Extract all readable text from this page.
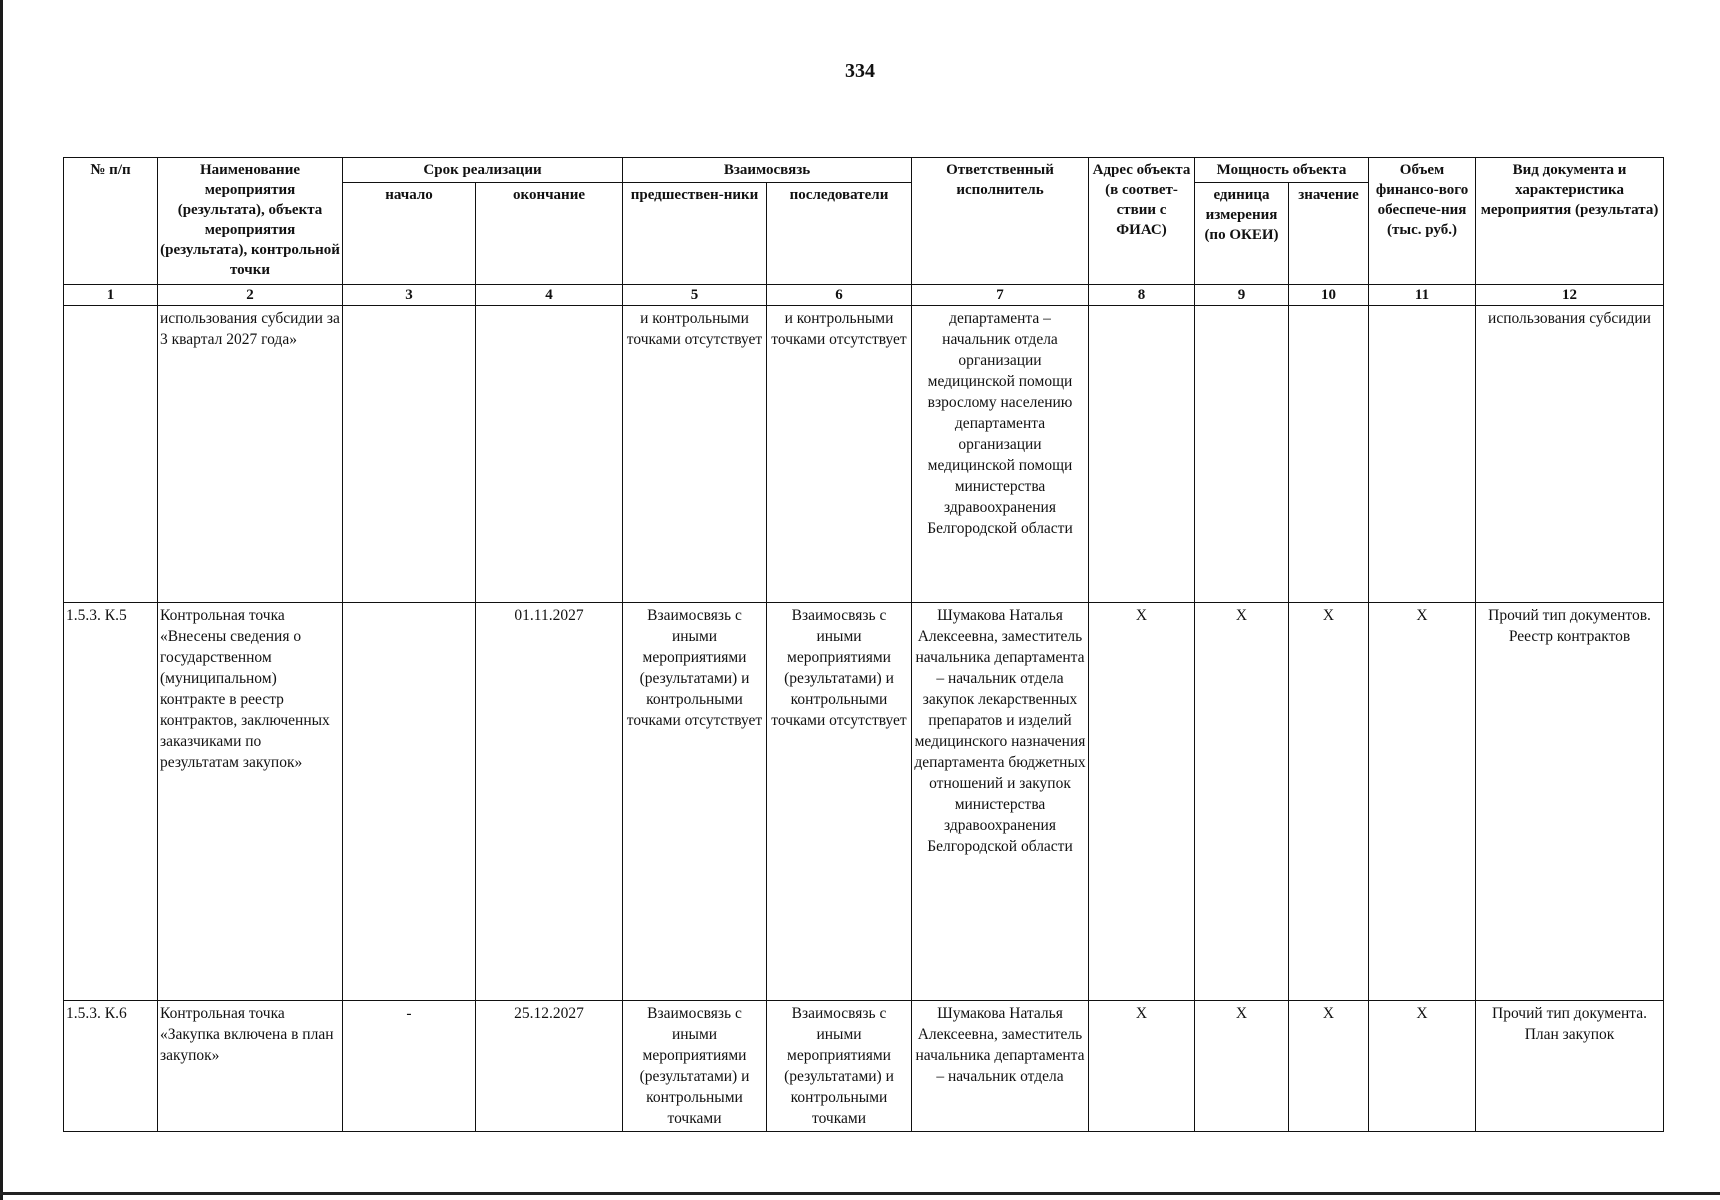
334
№ п/п	Наименование мероприятия (результата), объекта мероприятия (результата), контрольной точки	Срок реализации		Взаимосвязь		Ответственный исполнитель	Адрес объекта (в соответ-ствии с ФИАС)	Мощность объекта		Объем финансо-вого обеспече-ния (тыс. руб.)	Вид документа и характеристика мероприятия (результата)
		начало	окончание	предшествен-ники	последователи			единица измерения (по ОКЕИ)	значение		
1	2	3	4	5	6	7	8	9	10	11	12
	использования субсидии за 3 квартал 2027 года»			и контрольными точками отсутствует	и контрольными точками отсутствует	департамента – начальник отдела организации медицинской помощи взрослому населению департамента организации медицинской помощи министерства здравоохранения Белгородской области					использования субсидии
1.5.3. К.5	Контрольная точка «Внесены сведения о государственном (муниципальном) контракте в реестр контрактов, заключенных заказчиками по результатам закупок»		01.11.2027	Взаимосвязь с иными мероприятиями (результатами) и контрольными точками отсутствует	Взаимосвязь с иными мероприятиями (результатами) и контрольными точками отсутствует	Шумакова Наталья Алексеевна, заместитель начальника департамента – начальник отдела закупок лекарственных препаратов и изделий медицинского назначения департамента бюджетных отношений и закупок министерства здравоохранения Белгородской области	X	X	X	X	Прочий тип документов. Реестр контрактов
1.5.3. К.6	Контрольная точка «Закупка включена в план закупок»	-	25.12.2027	Взаимосвязь с иными мероприятиями (результатами) и контрольными точками	Взаимосвязь с иными мероприятиями (результатами) и контрольными точками	Шумакова Наталья Алексеевна, заместитель начальника департамента – начальник отдела	X	X	X	X	Прочий тип документа. План закупок
